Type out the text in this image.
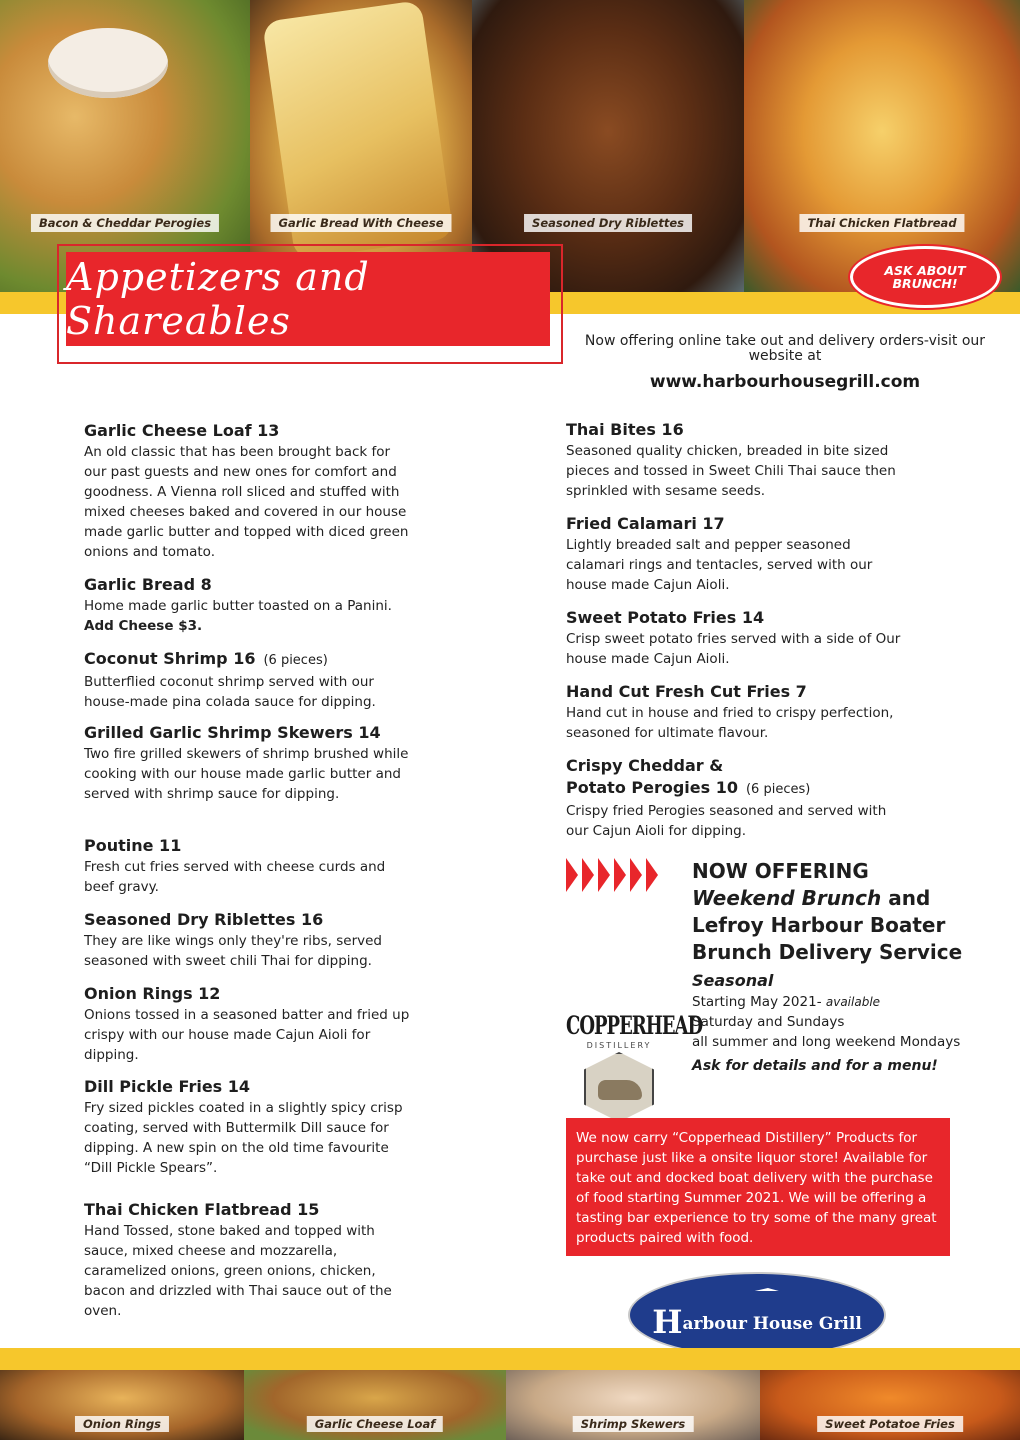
Bacon & Cheddar Perogies	Garlic Bread With Cheese	Seasoned Dry Riblettes	Thai Chicken Flatbread
Appetizers and Shareables
ASK ABOUT BRUNCH!
Now offering online take out and delivery orders-visit our website at
www.harbourhousegrill.com
Garlic Cheese Loaf 13
An old classic that has been brought back for our past guests and new ones for comfort and goodness. A Vienna roll sliced and stuffed with mixed cheeses baked and covered in our house made garlic butter and topped with diced green onions and tomato.
Garlic Bread 8
Home made garlic butter toasted on a Panini.
Add Cheese $3.
Coconut Shrimp 16 (6 pieces)
Butterflied coconut shrimp served with our house-made pina colada sauce for dipping.
Grilled Garlic Shrimp Skewers 14
Two fire grilled skewers of shrimp brushed while cooking with our house made garlic butter and served with shrimp sauce for dipping.
Poutine 11
Fresh cut fries served with cheese curds and beef gravy.
Seasoned Dry Riblettes 16
They are like wings only they're ribs, served seasoned with sweet chili Thai for dipping.
Onion Rings 12
Onions tossed in a seasoned batter and fried up crispy with our house made Cajun Aioli for dipping.
Dill Pickle Fries 14
Fry sized pickles coated in a slightly spicy crisp coating, served with Buttermilk Dill sauce for dipping. A new spin on the old time favourite “Dill Pickle Spears”.
Thai Chicken Flatbread 15
Hand Tossed, stone baked and topped with sauce, mixed cheese and mozzarella, caramelized onions, green onions, chicken, bacon and drizzled with Thai sauce out of the oven.
Thai Bites 16
Seasoned quality chicken, breaded in bite sized pieces and tossed in Sweet Chili Thai sauce then sprinkled with sesame seeds.
Fried Calamari 17
Lightly breaded salt and pepper seasoned calamari rings and tentacles, served with our house made Cajun Aioli.
Sweet Potato Fries 14
Crisp sweet potato fries served with a side of Our house made Cajun Aioli.
Hand Cut Fresh Cut Fries 7
Hand cut in house and fried to crispy perfection, seasoned for ultimate flavour.
Crispy Cheddar &
Potato Perogies 10 (6 pieces)
Crispy fried Perogies seasoned and served with our Cajun Aioli for dipping.
NOW OFFERING
Weekend Brunch and
Lefroy Harbour Boater
Brunch Delivery Service
Seasonal
Starting May 2021- available
Saturday and Sundays
all summer and long weekend Mondays
Ask for details and for a menu!
COPPERHEAD
DISTILLERY

We now carry “Copperhead Distillery” Products for purchase just like a onsite liquor store! Available for take out and docked boat delivery with the purchase of food starting Summer 2021. We will be offering a tasting bar experience to try some of the many great products paired with food.

Harbour House Grill
Onion Rings	Garlic Cheese Loaf	Shrimp Skewers	Sweet Potatoe Fries
